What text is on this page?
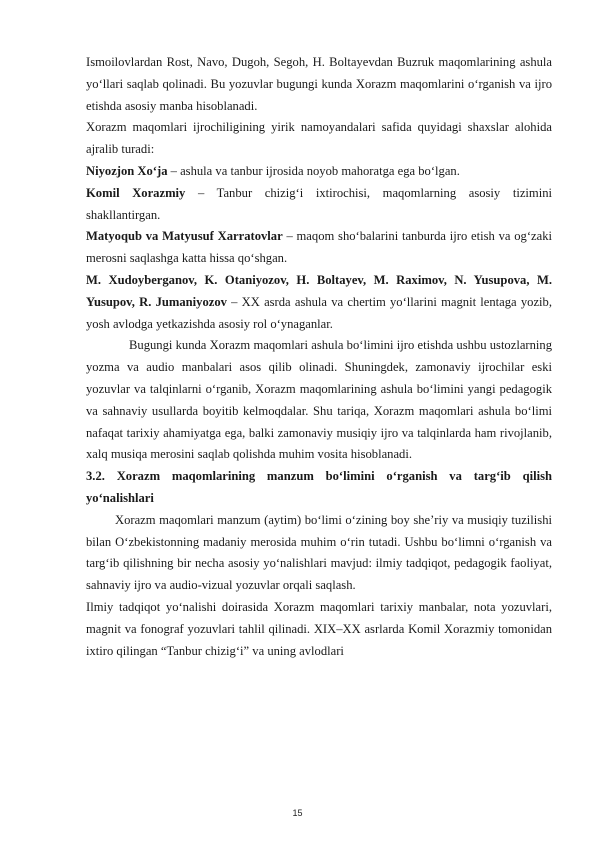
Ismoilovlardan Rost, Navo, Dugoh, Segoh, H. Boltayevdan Buzruk maqomlarining ashula yo‘llari saqlab qolinadi. Bu yozuvlar bugungi kunda Xorazm maqomlarini o‘rganish va ijro etishda asosiy manba hisoblanadi.

Xorazm maqomlari ijrochiligining yirik namoyandalari safida quyidagi shaxslar alohida ajralib turadi:

Niyozjon Xo‘ja – ashula va tanbur ijrosida noyob mahoratga ega bo‘lgan.

Komil Xorazmiy – Tanbur chizig‘i ixtirochisi, maqomlarning asosiy tizimini shakllantirgan.

Matyoqub va Matyusuf Xarratovlar – maqom sho‘balarini tanburda ijro etish va og‘zaki merosni saqlashga katta hissa qo‘shgan.

M. Xudoyberganov, K. Otaniyozov, H. Boltayev, M. Raximov, N. Yusupova, M. Yusupov, R. Jumaniyozov – XX asrda ashula va chertim yo‘llarini magnit lentaga yozib, yosh avlodga yetkazishda asosiy rol o‘ynaganlar.

Bugungi kunda Xorazm maqomlari ashula bo‘limini ijro etishda ushbu ustozlarning yozma va audio manbalari asos qilib olinadi. Shuningdek, zamonaviy ijrochilar eski yozuvlar va talqinlarni o‘rganib, Xorazm maqomlarining ashula bo‘limini yangi pedagogik va sahnaviy usullarda boyitib kelmoqdalar. Shu tariqa, Xorazm maqomlari ashula bo‘limi nafaqat tarixiy ahamiyatga ega, balki zamonaviy musiqiy ijro va talqinlarda ham rivojlanib, xalq musiqa merosini saqlab qolishda muhim vosita hisoblanadi.

3.2. Xorazm maqomlarining manzum bo‘limini o‘rganish va targ‘ib qilish yo‘nalishlari

Xorazm maqomlari manzum (aytim) bo‘limi o‘zining boy she’riy va musiqiy tuzilishi bilan O‘zbekistonning madaniy merosida muhim o‘rin tutadi. Ushbu bo‘limni o‘rganish va targ‘ib qilishning bir necha asosiy yo‘nalishlari mavjud: ilmiy tadqiqot, pedagogik faoliyat, sahnaviy ijro va audio-vizual yozuvlar orqali saqlash.

Ilmiy tadqiqot yo‘nalishi doirasida Xorazm maqomlari tarixiy manbalar, nota yozuvlari, magnit va fonograf yozuvlari tahlil qilinadi. XIX–XX asrlarda Komil Xorazmiy tomonidan ixtiro qilingan “Tanbur chizig‘i” va uning avlodlari

15
